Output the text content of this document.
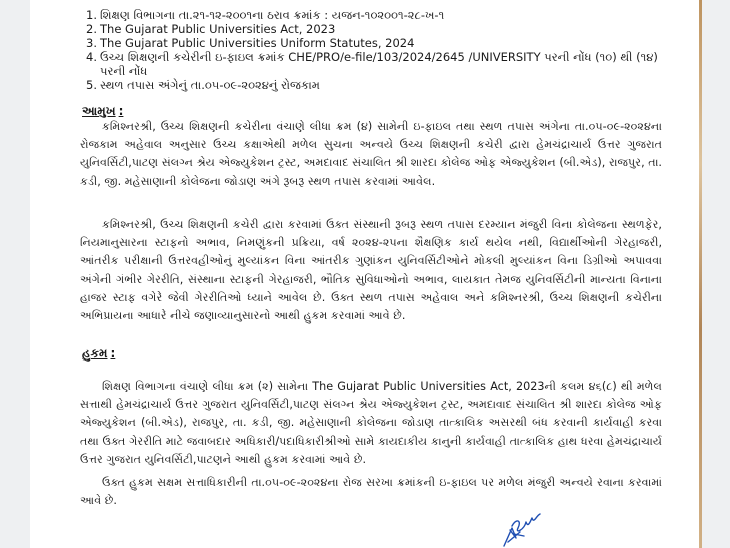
1. શિક્ષણ વિભાગના તા.૨૧-૧૨-૨૦૦૧ના ઠરાવ ક્રમાંક : યજન-૧૦૨૦૦૧-૨૮-ખ-૧
2. The Gujarat Public Universities Act, 2023
3. The Gujarat Public Universities Uniform Statutes, 2024
4. ઉચ્ચ શિક્ષણની કચેરીની ઇ-ફાઇલ ક્રમાંક CHE/PRO/e-file/103/2024/2645 /UNIVERSITY પરની નોંધ (૧૦) થી (૧૪) પરની નોંધ
5. સ્થળ તપાસ અંગેનું તા.૦૫-૦૯-૨૦૨૪નું રોજકામ
આમુખ :

કમિશ્નરશ્રી, ઉચ્ચ શિક્ષણની કચેરીના વંચાણે લીધા ક્રમ (૪) સામેની ઇ-ફાઇલ તથા સ્થળ તપાસ અંગેના તા.૦૫-૦૯-૨૦૨૪ના રોજકામ અહેવાલ અનુસાર ઉચ્ચ કક્ષાએથી મળેલ સુચના અન્વયે ઉચ્ચ શિક્ષણની કચેરી દ્વારા હેમચંદ્રાચાર્ય ઉત્તર ગુજરાત યુનિવર્સિટી,પાટણ સંલગ્ન શ્રેય એજ્યુકેશન ટ્રસ્ટ, અમદાવાદ સંચાલિત શ્રી શારદા કોલેજ ઓફ એજ્યુકેશન (બી.એડ), રાજપુર, તા. કડી, જી. મહેસાણાની કોલેજના જોડાણ અંગે રૂબરૂ સ્થળ તપાસ કરવામાં આવેલ.

કમિશ્નરશ્રી, ઉચ્ચ શિક્ષણની કચેરી દ્વારા કરવામાં ઉક્ત સંસ્થાની રૂબરૂ સ્થળ તપાસ દરમ્યાન મંજુરી વિના કોલેજના સ્થળફેર, નિયમાનુસારના સ્ટાફનો અભાવ, નિમણુંકની પ્રક્રિયા, વર્ષ ૨૦૨૪-૨૫ના શૈક્ષણિક કાર્ય થયેલ નથી, વિદ્યાર્થીઓની ગેરહાજરી, આંતરીક પરીક્ષાની ઉત્તરવહીઓનું મુલ્યાંકન વિના આંતરીક ગુણાંકન યુનિવર્સિટીઓને મોકલી મુલ્યાંકન વિના ડિગ્રીઓ અપાવવા અંગેની ગંભીર ગેરરીતિ, સંસ્થાના સ્ટાફની ગેરહાજરી, ભૌતિક સુવિધાઓનો અભાવ, લાયકાત તેમજ યુનિવર્સિટીની માન્યતા વિનાના હાજર સ્ટાફ વગેરે જેવી ગેરરીતિઓ ધ્યાને આવેલ છે. ઉક્ત સ્થળ તપાસ અહેવાલ અને કમિશ્નરશ્રી, ઉચ્ચ શિક્ષણની કચેરીના અભિપ્રાયના આધારે નીચે જણાવ્યાનુસારનો આથી હુકમ કરવામાં આવે છે.

હુકમ :

શિક્ષણ વિભાગના વંચાણે લીધા ક્રમ (૨) સામેના The Gujarat Public Universities Act, 2023ની કલમ ૪૬(૮) થી મળેલ સત્તાથી હેમચંદ્રાચાર્ય ઉત્તર ગુજરાત યુનિવર્સિટી,પાટણ સંલગ્ન શ્રેય એજ્યુકેશન ટ્રસ્ટ, અમદાવાદ સંચાલિત શ્રી શારદા કોલેજ ઓફ એજ્યુકેશન (બી.એડ), રાજપુર, તા. કડી, જી. મહેસાણાની કોલેજના જોડાણ તાત્કાલિક અસરથી બંધ કરવાની કાર્યવાહી કરવા તથા ઉક્ત ગેરરીતિ માટે જવાબદાર અધિકારી/પદાધિકારીશ્રીઓ સામે કાયદાકીય કાનુની કાર્યવાહી તાત્કાલિક હાથ ધરવા હેમચંદ્રાચાર્ય ઉત્તર ગુજરાત યુનિવર્સિટી,પાટણને આથી હુકમ કરવામાં આવે છે.

ઉક્ત હુકમ સક્ષમ સત્તાધિકારીની તા.૦૫-૦૯-૨૦૨૪ના રોજ સરખા ક્રમાંકની ઇ-ફાઇલ પર મળેલ મંજુરી અન્વયે રવાના કરવામાં આવે છે.
